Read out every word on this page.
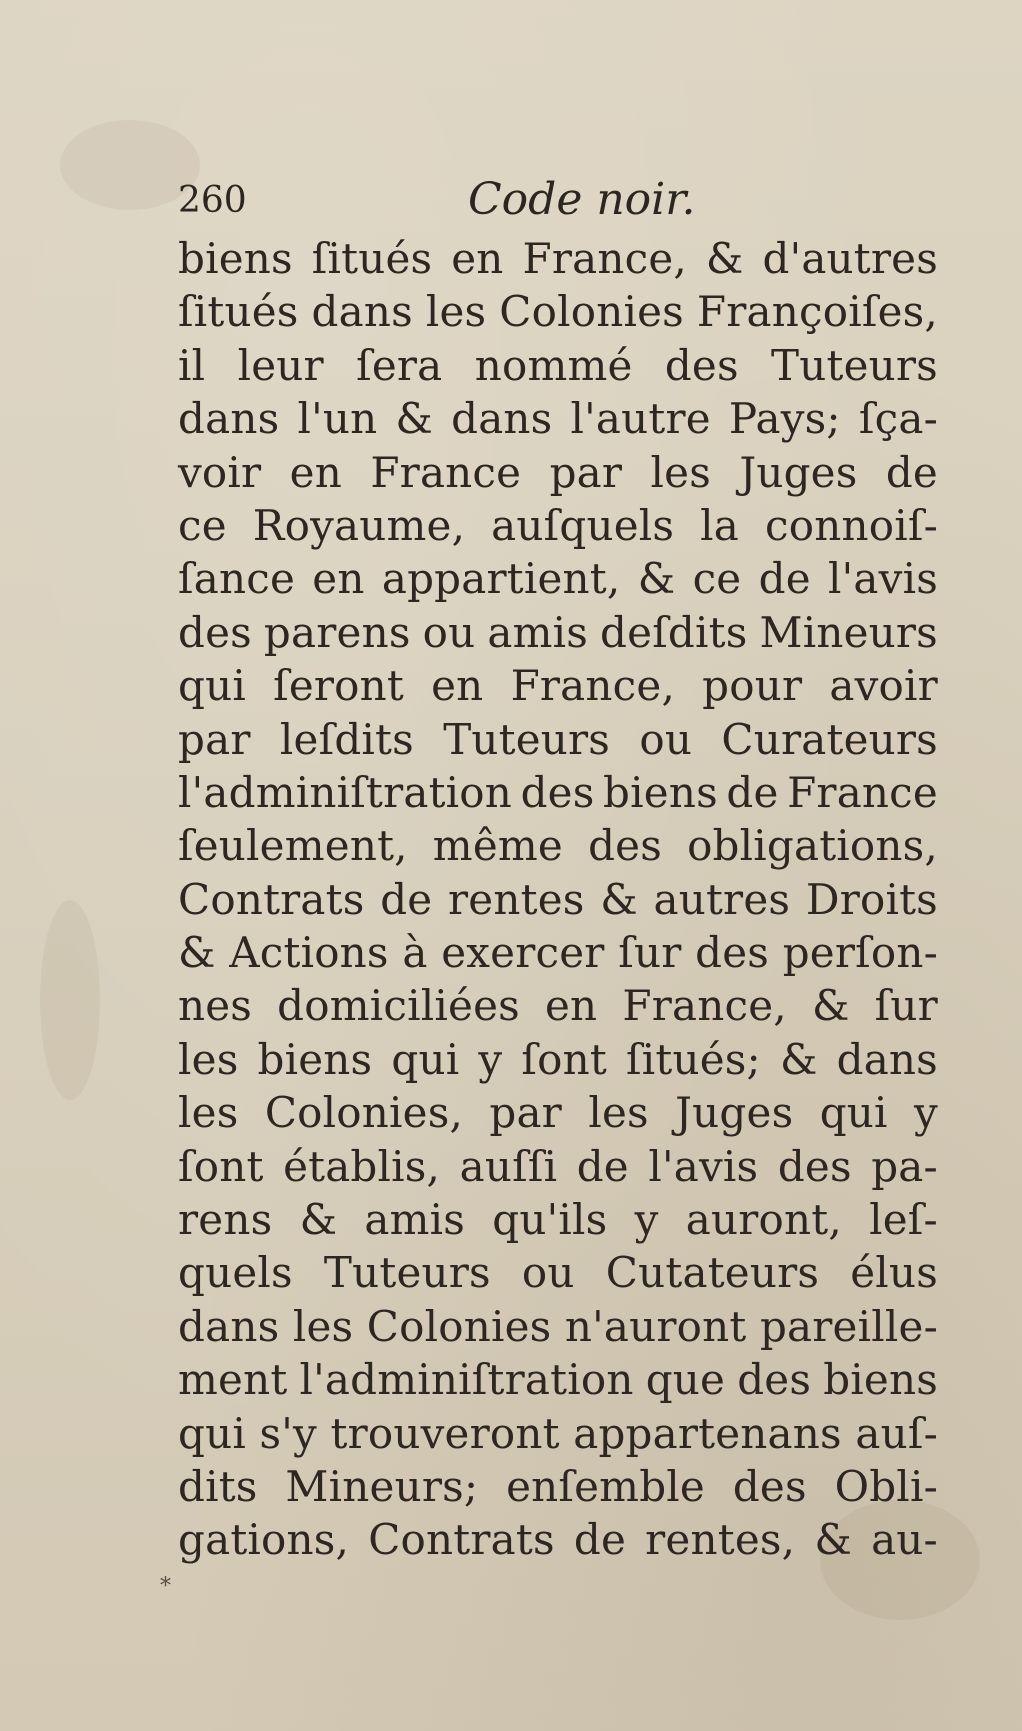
260	Code noir.
biens ſitués en France, & d'autres
ſitués dans les Colonies Françoiſes,
il leur ſera nommé des Tuteurs
dans l'un & dans l'autre Pays; ſça-
voir en France par les Juges de
ce Royaume, auſquels la connoiſ-
ſance en appartient, & ce de l'avis
des parens ou amis deſdits Mineurs
qui ſeront en France, pour avoir
par leſdits Tuteurs ou Curateurs
l'adminiſtration des biens de France
ſeulement, même des obligations,
Contrats de rentes & autres Droits
& Actions à exercer ſur des perſon-
nes domiciliées en France, & ſur
les biens qui y ſont ſitués; & dans
les Colonies, par les Juges qui y
ſont établis, auſſi de l'avis des pa-
rens & amis qu'ils y auront, leſ-
quels Tuteurs ou Cutateurs élus
dans les Colonies n'auront pareille-
ment l'adminiſtration que des biens
qui s'y trouveront appartenans auſ-
dits Mineurs; enſemble des Obli-
gations, Contrats de rentes, & au-
*
